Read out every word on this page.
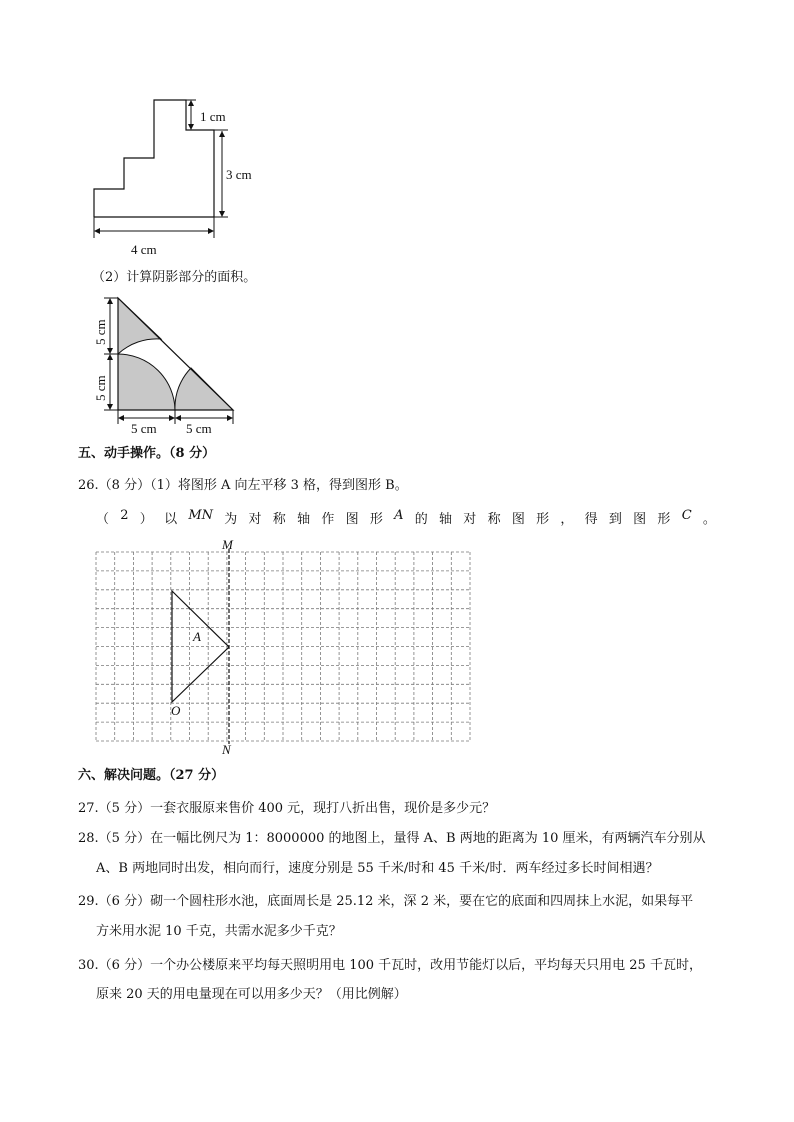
1 cm
3 cm
4 cm
（2）计算阴影部分的面积。
5 cm
5 cm
5 cm 5 cm
五、动手操作。（8 分）
26.（8 分）（1）将图形 A 向左平移 3 格，得到图形 B。
（ 2 ） 以 MN 为 对 称 轴 作 图 形 A 的 轴 对 称 图 形 ， 得 到 图 形 C 。
M
N
A
O
六、解决问题。（27 分）
27.（5 分）一套衣服原来售价 400 元，现打八折出售，现价是多少元？
28.（5 分）在一幅比例尺为 1：8000000 的地图上，量得 A、B 两地的距离为 10 厘米，有两辆汽车分别从
A、B 两地同时出发，相向而行，速度分别是 55 千米/时和 45 千米/时．两车经过多长时间相遇？
29.（6 分）砌一个圆柱形水池，底面周长是 25.12 米，深 2 米，要在它的底面和四周抹上水泥，如果每平
方米用水泥 10 千克，共需水泥多少千克？
30.（6 分）一个办公楼原来平均每天照明用电 100 千瓦时，改用节能灯以后，平均每天只用电 25 千瓦时，
原来 20 天的用电量现在可以用多少天？（用比例解）
